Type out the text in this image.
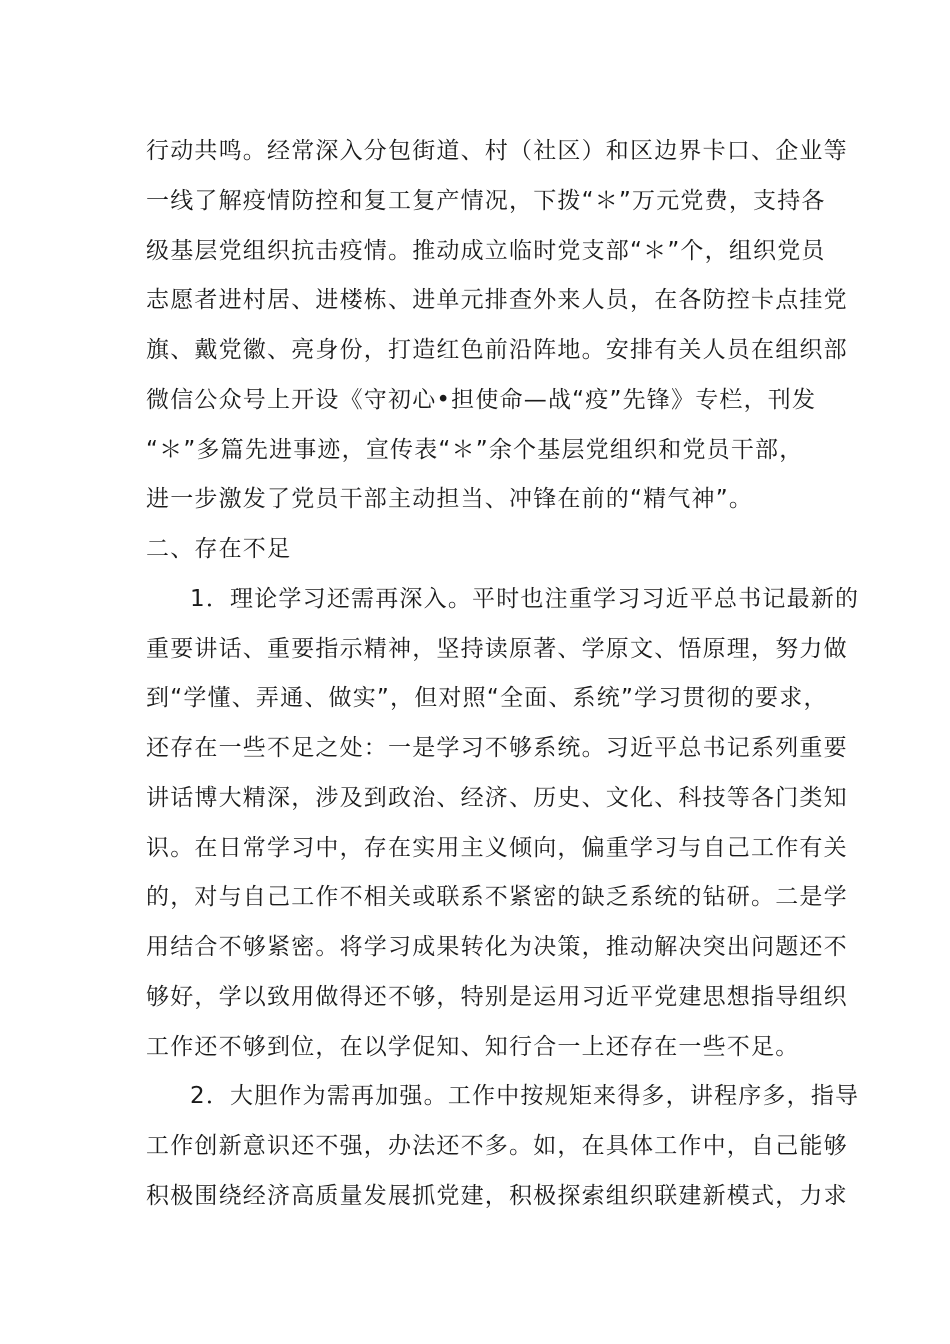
行动共鸣。经常深入分包街道、村（社区）和区边界卡口、企业等
一线了解疫情防控和复工复产情况，下拨“＊”万元党费，支持各
级基层党组织抗击疫情。推动成立临时党支部“＊”个，组织党员
志愿者进村居、进楼栋、进单元排查外来人员，在各防控卡点挂党
旗、戴党徽、亮身份，打造红色前沿阵地。安排有关人员在组织部
微信公众号上开设《守初心•担使命—战“疫”先锋》专栏，刊发
“＊”多篇先进事迹，宣传表“＊”余个基层党组织和党员干部，
进一步激发了党员干部主动担当、冲锋在前的“精气神”。
二、存在不足
1．理论学习还需再深入。平时也注重学习习近平总书记最新的
重要讲话、重要指示精神，坚持读原著、学原文、悟原理，努力做
到“学懂、弄通、做实”，但对照“全面、系统”学习贯彻的要求，
还存在一些不足之处：一是学习不够系统。习近平总书记系列重要
讲话博大精深，涉及到政治、经济、历史、文化、科技等各门类知
识。在日常学习中，存在实用主义倾向，偏重学习与自己工作有关
的，对与自己工作不相关或联系不紧密的缺乏系统的钻研。二是学
用结合不够紧密。将学习成果转化为决策，推动解决突出问题还不
够好，学以致用做得还不够，特别是运用习近平党建思想指导组织
工作还不够到位，在以学促知、知行合一上还存在一些不足。
2．大胆作为需再加强。工作中按规矩来得多，讲程序多，指导
工作创新意识还不强，办法还不多。如，在具体工作中，自己能够
积极围绕经济高质量发展抓党建，积极探索组织联建新模式，力求
